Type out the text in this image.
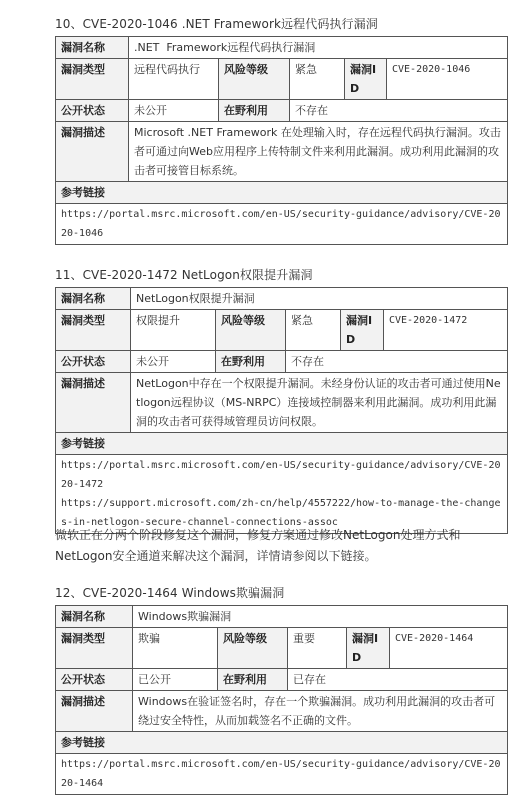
10、CVE-2020-1046 .NET Framework远程代码执行漏洞
漏洞名称	.NET  Framework远程代码执行漏洞				
漏洞类型	远程代码执行	风险等级	紧急	漏洞ID	CVE-2020-1046
公开状态	未公开	在野利用	不存在		
漏洞描述	Microsoft .NET Framework 在处理输入时，存在远程代码执行漏洞。攻击者可通过向Web应用程序上传特制文件来利用此漏洞。成功利用此漏洞的攻击者可接管目标系统。				
参考链接					

https://portal.msrc.microsoft.com/en-US/security-guidance/advisory/CVE-2020-1046					
11、CVE-2020-1472 NetLogon权限提升漏洞
漏洞名称	NetLogon权限提升漏洞				
漏洞类型	权限提升	风险等级	紧急	漏洞ID	CVE-2020-1472
公开状态	未公开	在野利用	不存在		
漏洞描述	NetLogon中存在一个权限提升漏洞。未经身份认证的攻击者可通过使用Netlogon远程协议（MS-NRPC）连接域控制器来利用此漏洞。成功利用此漏洞的攻击者可获得域管理员访问权限。				
参考链接					

https://portal.msrc.microsoft.com/en-US/security-guidance/advisory/CVE-2020-1472
https://support.microsoft.com/zh-cn/help/4557222/how-to-manage-the-changes-in-netlogon-secure-channel-connections-assoc					
微软正在分两个阶段修复这个漏洞，修复方案通过修改NetLogon处理方式和NetLogon安全通道来解决这个漏洞，详情请参阅以下链接。
12、CVE-2020-1464 Windows欺骗漏洞
漏洞名称	Windows欺骗漏洞				
漏洞类型	欺骗	风险等级	重要	漏洞ID	CVE-2020-1464
公开状态	已公开	在野利用	已存在		
漏洞描述	Windows在验证签名时，存在一个欺骗漏洞。成功利用此漏洞的攻击者可绕过安全特性，从而加载签名不正确的文件。				
参考链接					

https://portal.msrc.microsoft.com/en-US/security-guidance/advisory/CVE-2020-1464					
